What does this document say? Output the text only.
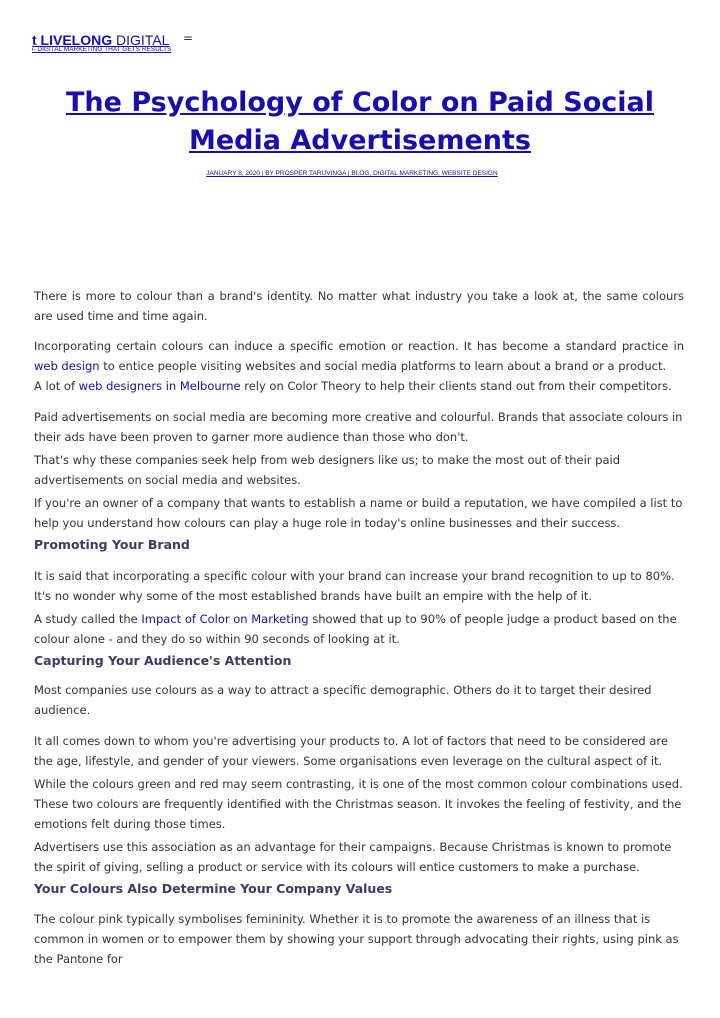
t LIVELONG DIGITAL	=
i- DIGITAL MARKETING THAT GETS RESULTS
The Psychology of Color on Paid Social Media Advertisements
JANUARY 8, 2020 | BY PROSPER TARUVINGA | BLOG, DIGITAL MARKETING, WEBSITE DESIGN

There is more to colour than a brand's identity. No matter what industry you take a look at, the same colours are used time and time again.

Incorporating certain colours can induce a specific emotion or reaction. It has become a standard practice in web design to entice people visiting websites and social media platforms to learn about a brand or a product.

A lot of web designers in Melbourne rely on Color Theory to help their clients stand out from their competitors.

Paid advertisements on social media are becoming more creative and colourful. Brands that associate colours in their ads have been proven to garner more audience than those who don't.

That's why these companies seek help from web designers like us; to make the most out of their paid advertisements on social media and websites.

If you're an owner of a company that wants to establish a name or build a reputation, we have compiled a list to help you understand how colours can play a huge role in today's online businesses and their success.

Promoting Your Brand

It is said that incorporating a specific colour with your brand can increase your brand recognition to up to 80%. It's no wonder why some of the most established brands have built an empire with the help of it.

A study called the Impact of Color on Marketing showed that up to 90% of people judge a product based on the colour alone - and they do so within 90 seconds of looking at it.

Capturing Your Audience's Attention

Most companies use colours as a way to attract a specific demographic. Others do it to target their desired audience.

It all comes down to whom you're advertising your products to. A lot of factors that need to be considered are the age, lifestyle, and gender of your viewers. Some organisations even leverage on the cultural aspect of it.

While the colours green and red may seem contrasting, it is one of the most common colour combinations used. These two colours are frequently identified with the Christmas season. It invokes the feeling of festivity, and the emotions felt during those times.

Advertisers use this association as an advantage for their campaigns. Because Christmas is known to promote the spirit of giving, selling a product or service with its colours will entice customers to make a purchase.

Your Colours Also Determine Your Company Values

The colour pink typically symbolises femininity. Whether it is to promote the awareness of an illness that is common in women or to empower them by showing your support through advocating their rights, using pink as the Pantone for
